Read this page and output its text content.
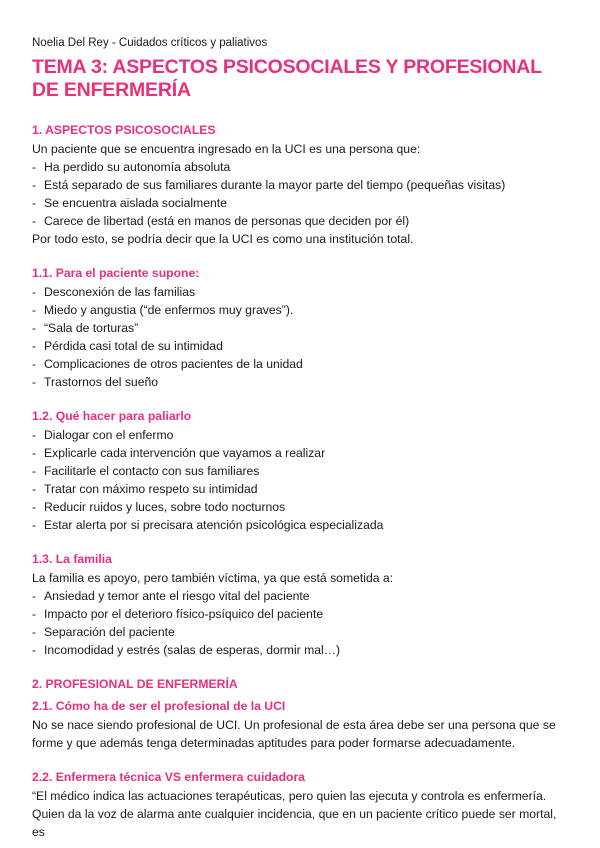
Noelia Del Rey - Cuidados críticos y paliativos
TEMA 3: ASPECTOS PSICOSOCIALES Y PROFESIONAL DE ENFERMERÍA
1. ASPECTOS PSICOSOCIALES
Un paciente que se encuentra ingresado en la UCI es una persona que:
- Ha perdido su autonomía absoluta
- Está separado de sus familiares durante la mayor parte del tiempo (pequeñas visitas)
- Se encuentra aislada socialmente
- Carece de libertad (está en manos de personas que deciden por él)
Por todo esto, se podría decir que la UCI es como una institución total.
1.1. Para el paciente supone:
- Desconexión de las familias
- Miedo y angustia (“de enfermos muy graves”).
- “Sala de torturas”
- Pérdida casi total de su intimidad
- Complicaciones de otros pacientes de la unidad
- Trastornos del sueño
1.2. Qué hacer para paliarlo
- Dialogar con el enfermo
- Explicarle cada intervención que vayamos a realizar
- Facilitarle el contacto con sus familiares
- Tratar con máximo respeto su intimidad
- Reducir ruidos y luces, sobre todo nocturnos
- Estar alerta por si precisara atención psicológica especializada
1.3. La familia
La familia es apoyo, pero también víctima, ya que está sometida a:
- Ansiedad y temor ante el riesgo vital del paciente
- Impacto por el deterioro físico-psíquico del paciente
- Separación del paciente
- Incomodidad y estrés (salas de esperas, dormir mal…)
2. PROFESIONAL DE ENFERMERÍA
2.1. Cómo ha de ser el profesional de la UCI
No se nace siendo profesional de UCI. Un profesional de esta área debe ser una persona que se forme y que además tenga determinadas aptitudes para poder formarse adecuadamente.
2.2. Enfermera técnica VS enfermera cuidadora
“El médico indica las actuaciones terapéuticas, pero quien las ejecuta y controla es enfermería. Quien da la voz de alarma ante cualquier incidencia, que en un paciente crítico puede ser mortal, es
